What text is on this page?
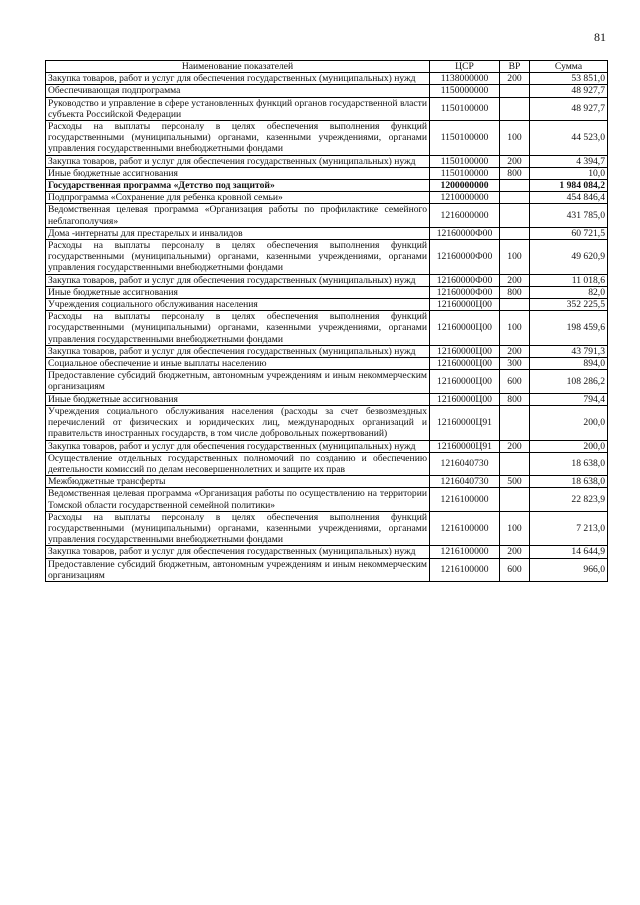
81
Наименование показателей	ЦСР	ВР	Сумма
Закупка товаров, работ и услуг для обеспечения государственных (муниципальных) нужд	1138000000	200	53 851,0
Обеспечивающая подпрограмма	1150000000		48 927,7
Руководство и управление в сфере установленных функций органов государственной власти субъекта Российской Федерации	1150100000		48 927,7
Расходы на выплаты персоналу в целях обеспечения выполнения функций государственными (муниципальными) органами, казенными учреждениями, органами управления государственными внебюджетными фондами	1150100000	100	44 523,0
Закупка товаров, работ и услуг для обеспечения государственных (муниципальных) нужд	1150100000	200	4 394,7
Иные бюджетные ассигнования	1150100000	800	10,0
Государственная программа «Детство под защитой»	1200000000		1 984 084,2
Подпрограмма «Сохранение для ребенка кровной семьи»	1210000000		454 846,4
Ведомственная целевая программа «Организация работы по профилактике семейного неблагополучия»	1216000000		431 785,0
Дома -интернаты для престарелых и инвалидов	12160000Ф00		60 721,5
Расходы на выплаты персоналу в целях обеспечения выполнения функций государственными (муниципальными) органами, казенными учреждениями, органами управления государственными внебюджетными фондами	12160000Ф00	100	49 620,9
Закупка товаров, работ и услуг для обеспечения государственных (муниципальных) нужд	12160000Ф00	200	11 018,6
Иные бюджетные ассигнования	12160000Ф00	800	82,0
Учреждения социального обслуживания населения	12160000Ц00		352 225,5
Расходы на выплаты персоналу в целях обеспечения выполнения функций государственными (муниципальными) органами, казенными учреждениями, органами управления государственными внебюджетными фондами	12160000Ц00	100	198 459,6
Закупка товаров, работ и услуг для обеспечения государственных (муниципальных) нужд	12160000Ц00	200	43 791,3
Социальное обеспечение и иные выплаты населению	12160000Ц00	300	894,0
Предоставление субсидий бюджетным, автономным учреждениям и иным некоммерческим организациям	12160000Ц00	600	108 286,2
Иные бюджетные ассигнования	12160000Ц00	800	794,4
Учреждения социального обслуживания населения (расходы за счет безвозмездных перечислений от физических и юридических лиц, международных организаций и правительств иностранных государств, в том числе добровольных пожертвований)	12160000Ц91		200,0
Закупка товаров, работ и услуг для обеспечения государственных (муниципальных) нужд	12160000Ц91	200	200,0
Осуществление отдельных государственных полномочий по созданию и обеспечению деятельности комиссий по делам несовершеннолетних и защите их прав	1216040730		18 638,0
Межбюджетные трансферты	1216040730	500	18 638,0
Ведомственная целевая программа «Организация работы по осуществлению на территории Томской области государственной семейной политики»	1216100000		22 823,9
Расходы на выплаты персоналу в целях обеспечения выполнения функций государственными (муниципальными) органами, казенными учреждениями, органами управления государственными внебюджетными фондами	1216100000	100	7 213,0
Закупка товаров, работ и услуг для обеспечения государственных (муниципальных) нужд	1216100000	200	14 644,9
Предоставление субсидий бюджетным, автономным учреждениям и иным некоммерческим организациям	1216100000	600	966,0
